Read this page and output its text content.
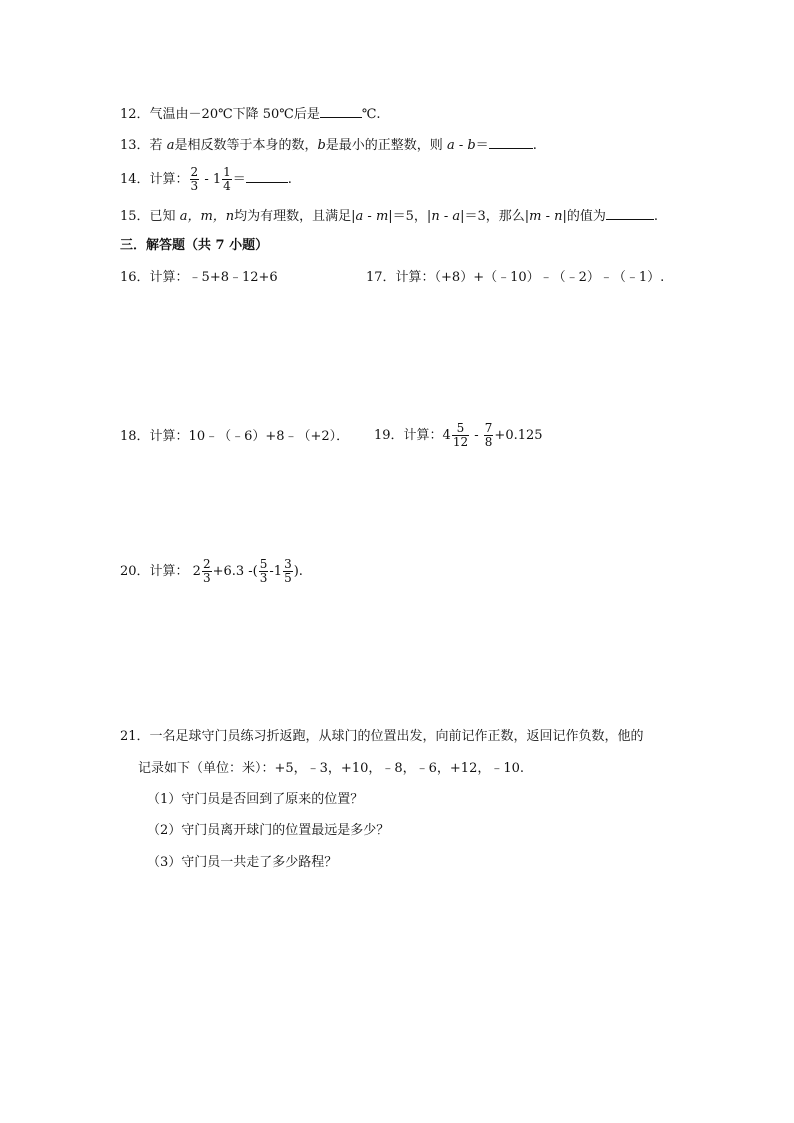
12．气温由－20℃下降 50℃后是	℃.
13．若 a是相反数等于本身的数，b是最小的正整数，则 a - b＝	.
14．计算： $\frac{2}{3} - 1 \frac{1}{4}$ ＝	.
15．已知 a，m，n均为有理数，且满足|a - m|＝5，|n - a|＝3，那么|m - n|的值为	.
三．解答题（共 7 小题）
16．计算：﹣5+8﹣12+6	17．计算：（+8）+（﹣10）﹣（﹣2）﹣（﹣1）.
18．计算：10﹣（﹣6）+8﹣（+2）． 19．计算：$4 \frac{5}{12} - \frac{7}{8} +0.125$
20．计算： $2 \frac{2}{3} +6.3$ -( $\frac{5}{3} -1 \frac{3}{5}$ ).
21．一名足球守门员练习折返跑，从球门的位置出发，向前记作正数，返回记作负数，他的
记录如下（单位：米）：+5，﹣3，+10，﹣8，﹣6，+12，﹣10.
（1）守门员是否回到了原来的位置？
（2）守门员离开球门的位置最远是多少？
（3）守门员一共走了多少路程？
